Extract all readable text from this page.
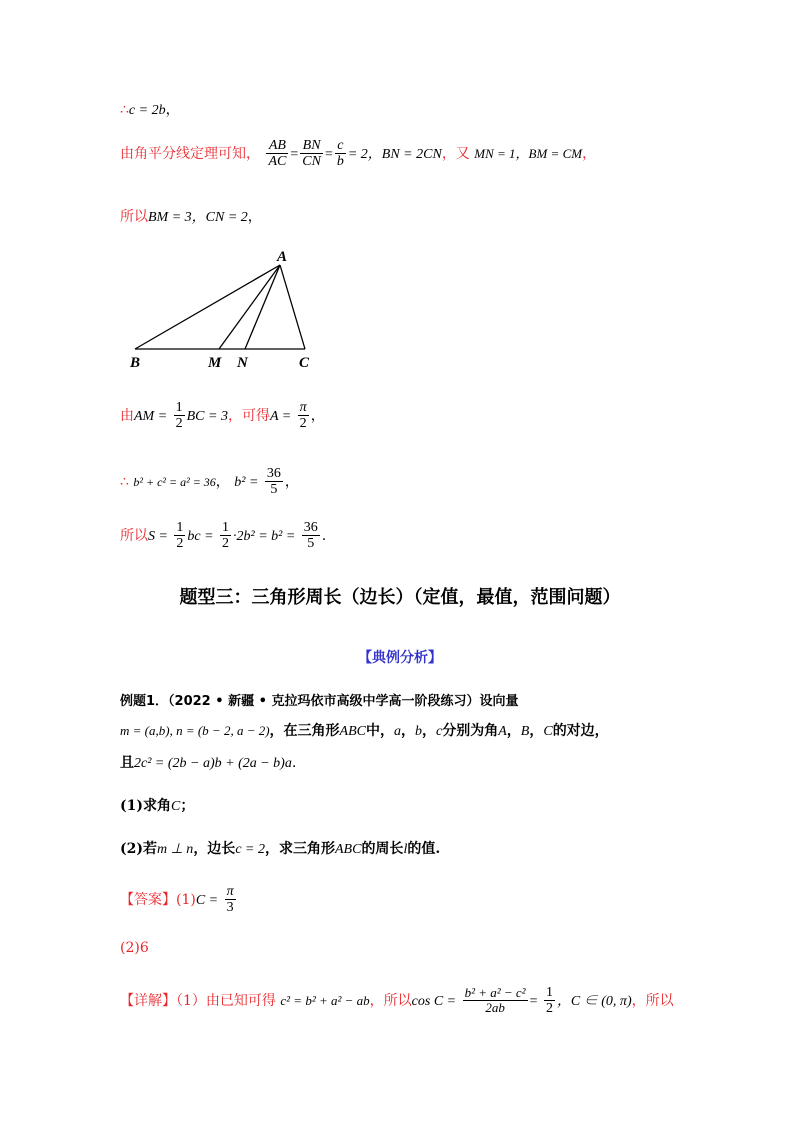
∴c = 2b，
由角平分线定理可知， $\frac{AB}{AC} = \frac{BN}{CN} = \frac{c}{b} = 2$，BN = 2CN，又 MN = 1，BM = CM，
所以BM = 3，CN = 2，
A
B	M N	C
由AM = $\frac{1}{2}$ BC = 3，可得$A = \frac{\pi}{2}$ ，
∴ b² + c² = a² = 36， $b^2 = \frac{36}{5}$ ，
所以$S = \frac{1}{2}$ bc = $\frac{1}{2} \cdot 2b^2 = b^2 = \frac{36}{5}$ .
题型三：三角形周长（边长）（定值，最值，范围问题）
【典例分析】
例题1．（2022 • 新疆 • 克拉玛依市高级中学高一阶段练习）设向量
m = (a,b), n = (b − 2, a − 2)，在三角形ABC中，a，b，c分别为角A，B，C的对边，
且2c² = (2b − a)b + (2a − b)a.
(1)求角C；
(2)若m ⊥ n，边长c = 2，求三角形ABC的周长l的值.
【答案】$(1)C = \frac{\pi}{3}$
(2)6
【详解】（1）由已知可得 c² = b² + a² − ab，所以$\cos C = \frac{\text{b² + a² − c²}}{2ab} = \frac{1}{2}$ ，C ∈ (0, π)，所以
